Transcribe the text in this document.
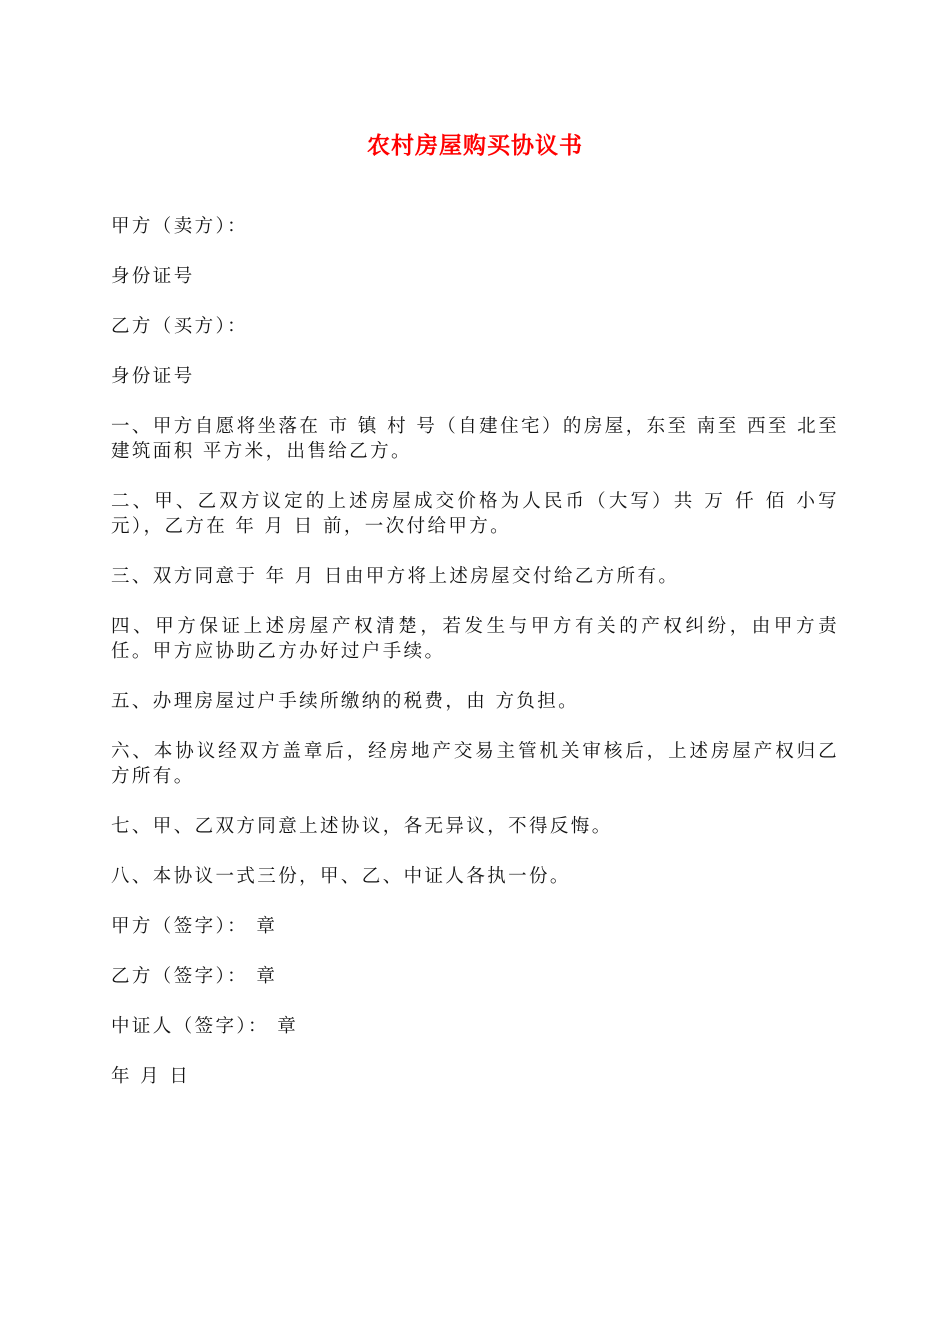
农村房屋购买协议书

甲方（卖方）：

身份证号

乙方（买方）：

身份证号

一、甲方自愿将坐落在 市 镇 村 号（自建住宅）的房屋，东至 南至 西至 北至 建筑面积 平方米，出售给乙方。

二、甲、乙双方议定的上述房屋成交价格为人民币（大写）共 万 仟 佰 小写 元），乙方在 年 月 日 前，一次付给甲方。

三、双方同意于 年 月 日由甲方将上述房屋交付给乙方所有。

四、甲方保证上述房屋产权清楚，若发生与甲方有关的产权纠纷，由甲方责任。甲方应协助乙方办好过户手续。

五、办理房屋过户手续所缴纳的税费，由 方负担。

六、本协议经双方盖章后，经房地产交易主管机关审核后，上述房屋产权归乙方所有。

七、甲、乙双方同意上述协议，各无异议，不得反悔。

八、本协议一式三份，甲、乙、中证人各执一份。

甲方（签字）： 章

乙方（签字）： 章

中证人（签字）： 章

年 月 日
